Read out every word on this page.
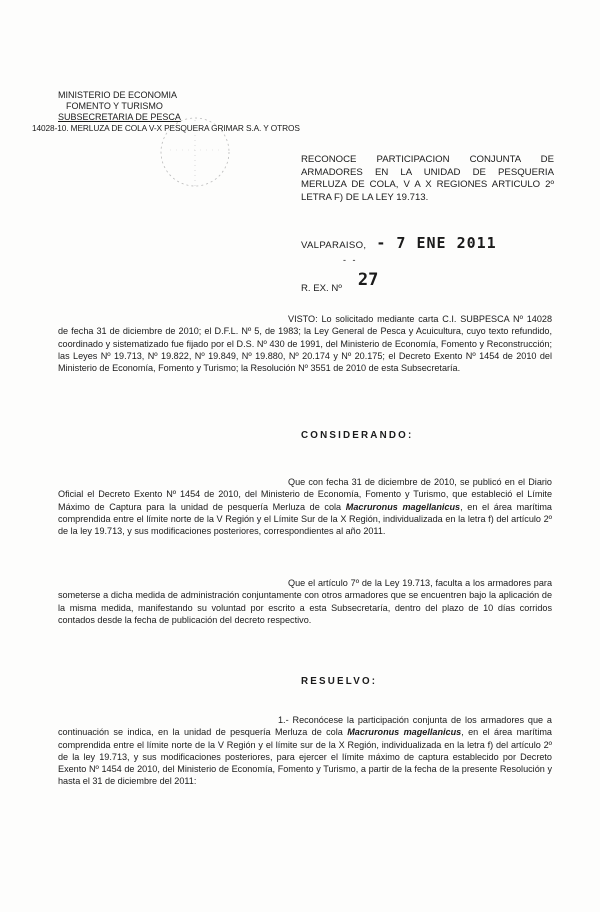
MINISTERIO DE ECONOMIA
FOMENTO Y TURISMO
SUBSECRETARIA DE PESCA
14028-10. MERLUZA DE COLA V-X PESQUERA GRIMAR S.A. Y OTROS
RECONOCE PARTICIPACION CONJUNTA DE ARMADORES EN LA UNIDAD DE PESQUERIA MERLUZA DE COLA, V A X REGIONES ARTICULO 2º LETRA F) DE LA LEY 19.713.
VALPARAISO, - 7 ENE 2011
- -
R. EX. Nº 27
VISTO: Lo solicitado mediante carta C.I. SUBPESCA Nº 14028 de fecha 31 de diciembre de 2010; el D.F.L. Nº 5, de 1983; la Ley General de Pesca y Acuicultura, cuyo texto refundido, coordinado y sistematizado fue fijado por el D.S. Nº 430 de 1991, del Ministerio de Economía, Fomento y Reconstrucción; las Leyes Nº 19.713, Nº 19.822, Nº 19.849, Nº 19.880, Nº 20.174 y Nº 20.175; el Decreto Exento Nº 1454 de 2010 del Ministerio de Economía, Fomento y Turismo; la Resolución Nº 3551 de 2010 de esta Subsecretaría.
CONSIDERANDO:
Que con fecha 31 de diciembre de 2010, se publicó en el Diario Oficial el Decreto Exento Nº 1454 de 2010, del Ministerio de Economía, Fomento y Turismo, que estableció el Límite Máximo de Captura para la unidad de pesquería Merluza de cola Macruronus magellanicus, en el área marítima comprendida entre el límite norte de la V Región y el Límite Sur de la X Región, individualizada en la letra f) del artículo 2º de la ley 19.713, y sus modificaciones posteriores, correspondientes al año 2011.
Que el artículo 7º de la Ley 19.713, faculta a los armadores para someterse a dicha medida de administración conjuntamente con otros armadores que se encuentren bajo la aplicación de la misma medida, manifestando su voluntad por escrito a esta Subsecretaría, dentro del plazo de 10 días corridos contados desde la fecha de publicación del decreto respectivo.
RESUELVO:
1.- Reconócese la participación conjunta de los armadores que a continuación se indica, en la unidad de pesquería Merluza de cola Macruronus magellanicus, en el área marítima comprendida entre el límite norte de la V Región y el límite sur de la X Región, individualizada en la letra f) del artículo 2º de la ley 19.713, y sus modificaciones posteriores, para ejercer el límite máximo de captura establecido por Decreto Exento Nº 1454 de 2010, del Ministerio de Economía, Fomento y Turismo, a partir de la fecha de la presente Resolución y hasta el 31 de diciembre del 2011:
